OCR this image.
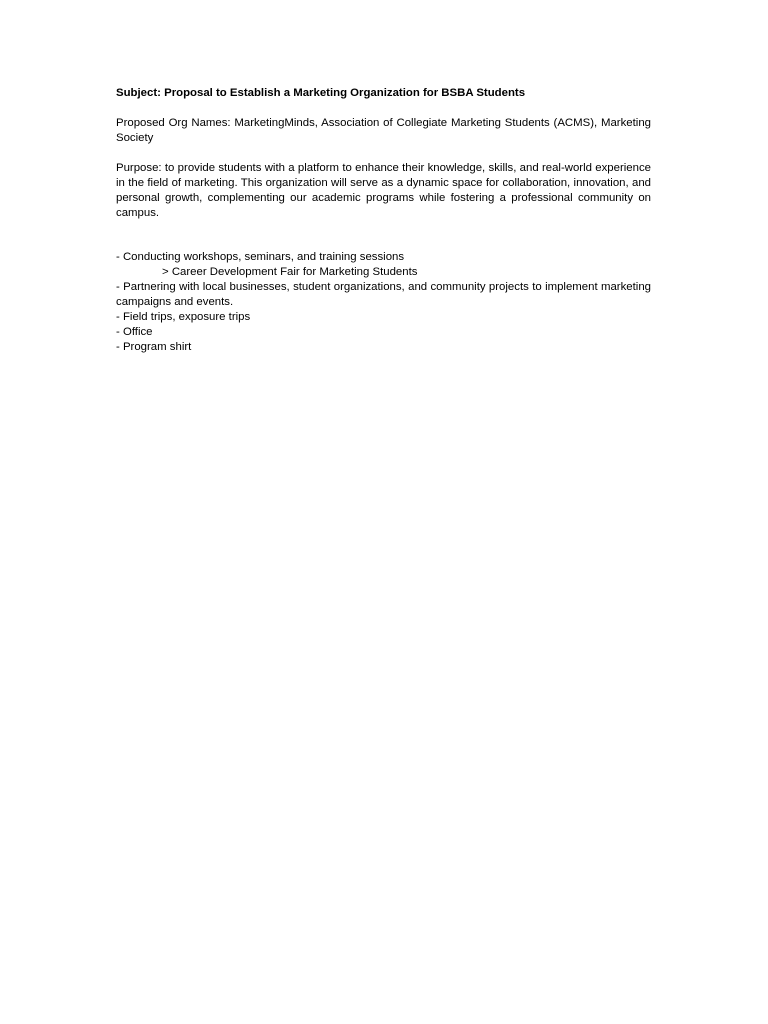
Subject: Proposal to Establish a Marketing Organization for BSBA Students

Proposed Org Names: MarketingMinds, Association of Collegiate Marketing Students (ACMS), Marketing Society

Purpose: to provide students with a platform to enhance their knowledge, skills, and real-world experience in the field of marketing. This organization will serve as a dynamic space for collaboration, innovation, and personal growth, complementing our academic programs while fostering a professional community on campus.

- Conducting workshops, seminars, and training sessions
> Career Development Fair for Marketing Students
- Partnering with local businesses, student organizations, and community projects to implement marketing campaigns and events.
- Field trips, exposure trips
- Office
- Program shirt
